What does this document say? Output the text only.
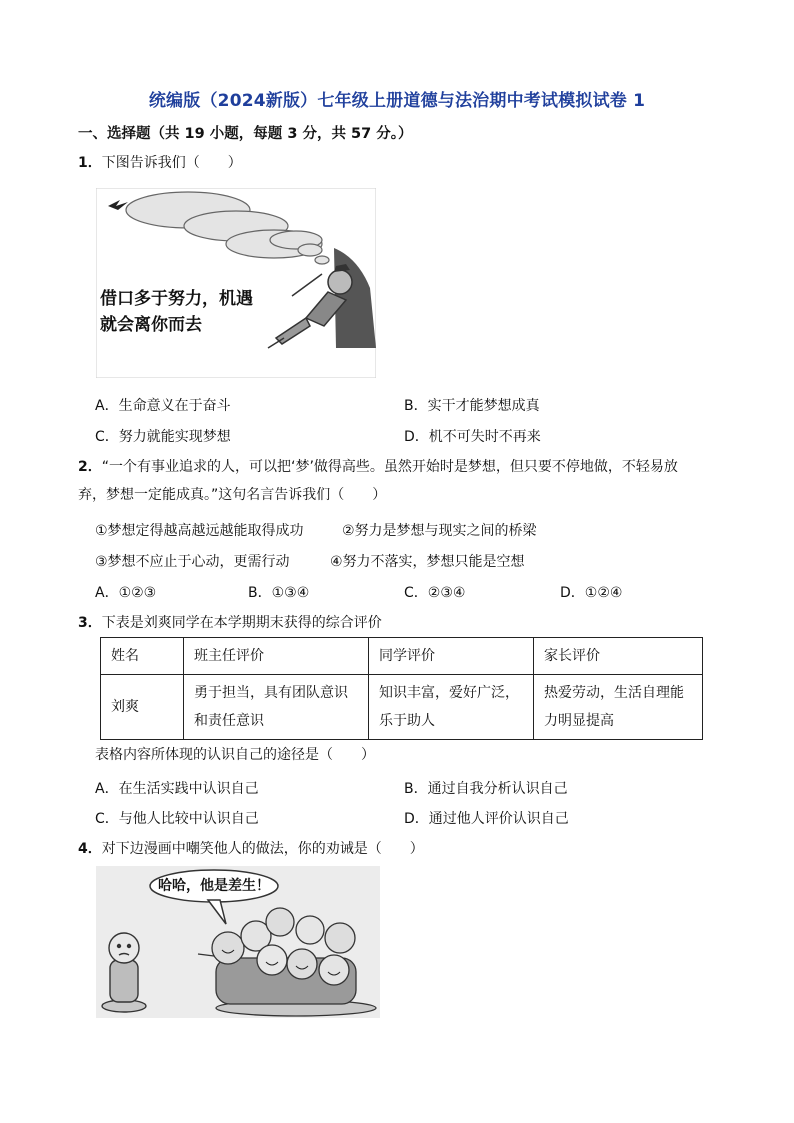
统编版（2024新版）七年级上册道德与法治期中考试模拟试卷 1
一、选择题（共 19 小题，每题 3 分，共 57 分。）
1．下图告诉我们（　　）
借口多于努力，机遇
就会离你而去
A．生命意义在于奋斗	B．实干才能梦想成真
C．努力就能实现梦想	D．机不可失时不再来
2．“一个有事业追求的人，可以把‘梦’做得高些。虽然开始时是梦想，但只要不停地做，不轻易放
弃，梦想一定能成真。”这句名言告诉我们（　　）
①梦想定得越高越远越能取得成功	②努力是梦想与现实之间的桥梁
③梦想不应止于心动，更需行动	④努力不落实，梦想只能是空想
A．①②③	B．①③④	C．②③④	D．①②④
3．下表是刘爽同学在本学期期末获得的综合评价
姓名	班主任评价	同学评价	家长评价
刘爽	勇于担当，具有团队意识和责任意识	知识丰富，爱好广泛，乐于助人	热爱劳动，生活自理能力明显提高
表格内容所体现的认识自己的途径是（　　）
A．在生活实践中认识自己	B．通过自我分析认识自己
C．与他人比较中认识自己	D．通过他人评价认识自己
4．对下边漫画中嘲笑他人的做法，你的劝诫是（　　）
哈哈，他是差生！
